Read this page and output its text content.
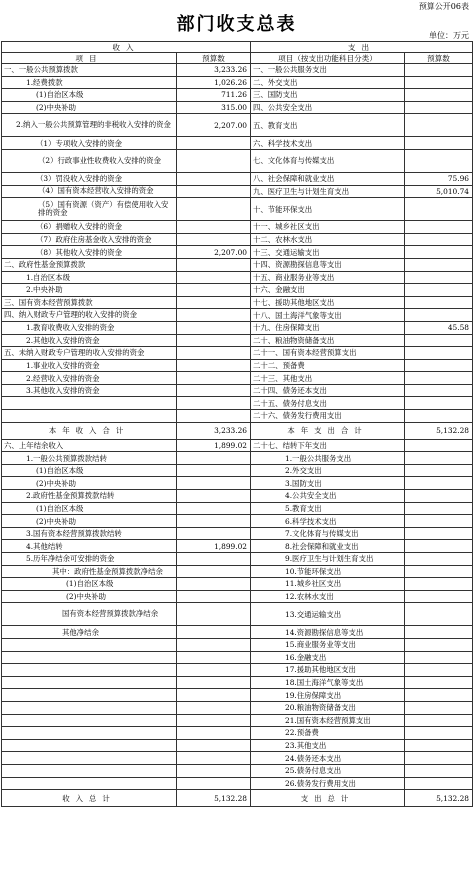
预算公开06表
部门收支总表
单位：万元
收入		支出	
项目	预算数	项目（按支出功能科目分类）	预算数
一、一般公共预算拨款	3,233.26	一、一般公共服务支出	
1.经费拨款	1,026.26	二、外交支出	
(1)自治区本级	711.26	三、国防支出	
(2)中央补助	315.00	四、公共安全支出	

2.纳入一般公共预算管理的非税收入安排的资金	2,207.00	五、教育支出	
（1）专项收入安排的资金		六、科学技术支出	

（2）行政事业性收费收入安排的资金		七、文化体育与传媒支出	
（3）罚没收入安排的资金		八、社会保障和就业支出	75.96

（4）国有资本经营收入安排的资金		九、医疗卫生与计划生育支出	5,010.74

（5）国有资源（资产）有偿使用收入安排的资金		十、节能环保支出	
（6）捐赠收入安排的资金		十一、城乡社区支出	
（7）政府住房基金收入安排的资金		十二、农林水支出	
（8）其他收入安排的资金	2,207.00	十三、交通运输支出	
二、政府性基金预算拨款		十四、资源勘探信息等支出	
1.自治区本级		十五、商业服务业等支出	
2.中央补助		十六、金融支出	
三、国有资本经营预算拨款		十七、援助其他地区支出	

四、纳入财政专户管理的收入安排的资金		十八、国土海洋气象等支出	
1.教育收费收入安排的资金		十九、住房保障支出	45.58
2.其他收入安排的资金		二十、粮油物资储备支出	

五、未纳入财政专户管理的收入安排的资金		二十一、国有资本经营预算支出	
1.事业收入安排的资金		二十二、预备费	
2.经营收入安排的资金		二十三、其他支出	
3.其他收入安排的资金		二十四、债务还本支出	
		二十五、债务付息支出	
		二十六、债务发行费用支出	
本年收入合计	3,233.26	本年支出合计	5,132.28
六、上年结余收入	1,899.02	二十七、结转下年支出	
1.一般公共预算拨款结转		1.一般公共服务支出	
(1)自治区本级		2.外交支出	
(2)中央补助		3.国防支出	
2.政府性基金预算拨款结转		4.公共安全支出	
(1)自治区本级		5.教育支出	
(2)中央补助		6.科学技术支出	
3.国有资本经营预算拨款结转		7.文化体育与传媒支出	
4.其他结转	1,899.02	8.社会保障和就业支出	
5.历年净结余可安排的资金		9.医疗卫生与计划生育支出	
其中：政府性基金预算拨款净结余		10.节能环保支出	
(1)自治区本级		11.城乡社区支出	
(2)中央补助		12.农林水支出	

国有资本经营预算拨款净结余		13.交通运输支出	
其他净结余		14.资源勘探信息等支出	
		15.商业服务业等支出	
		16.金融支出	
		17.援助其他地区支出	
		18.国土海洋气象等支出	
		19.住房保障支出	
		20.粮油物资储备支出	
		21.国有资本经营预算支出	
		22.预备费	
		23.其他支出	
		24.债务还本支出	
		25.债务付息支出	
		26.债务发行费用支出	
收入总计	5,132.28	支出总计	5,132.28
